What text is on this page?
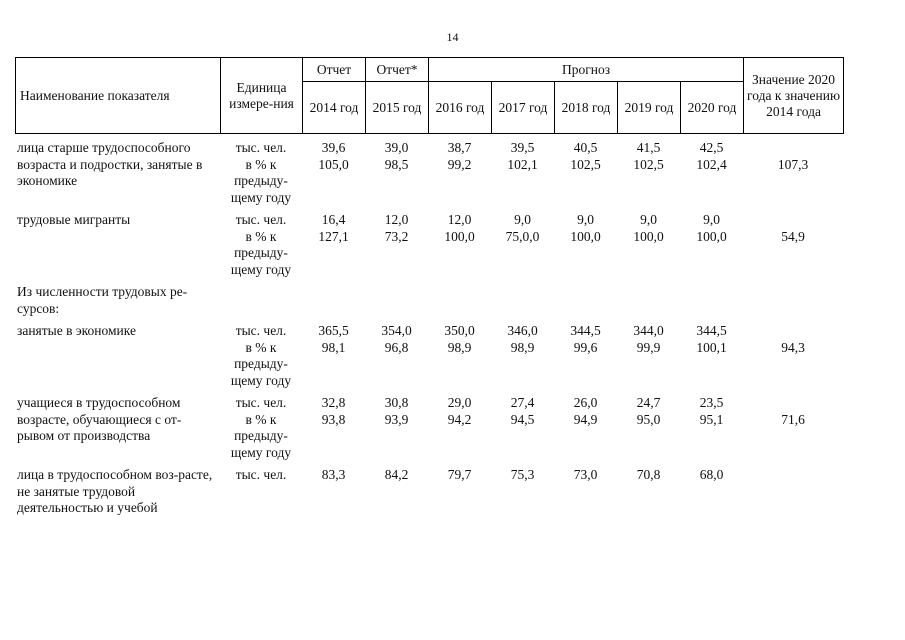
14
Наименование показателя	Единица измере-ния	Отчет	Отчет*	Прогноз					Значение 2020 года к значению 2014 года
		2014 год	2015 год	2016 год	2017 год	2018 год	2019 год	2020 год	
лица старше трудоспособного возраста и подростки, занятые в экономике	тыс. чел.	39,6	39,0	38,7	39,5	40,5	41,5	42,5	
	в % к предыду-щему году	105,0	98,5	99,2	102,1	102,5	102,5	102,4	107,3

трудовые мигранты	тыс. чел.	16,4	12,0	12,0	9,0	9,0	9,0	9,0	
	в % к предыду-щему году	127,1	73,2	100,0	75,0,0	100,0	100,0	100,0	54,9

Из численности трудовых ре-сурсов:									

занятые в экономике	тыс. чел.	365,5	354,0	350,0	346,0	344,5	344,0	344,5	
	в % к предыду-щему году	98,1	96,8	98,9	98,9	99,6	99,9	100,1	94,3

учащиеся в трудоспособном возрасте, обучающиеся с от-рывом от производства	тыс. чел.	32,8	30,8	29,0	27,4	26,0	24,7	23,5	
	в % к предыду-щему году	93,8	93,9	94,2	94,5	94,9	95,0	95,1	71,6

лица в трудоспособном воз-расте, не занятые трудовой деятельностью и учебой	тыс. чел.	83,3	84,2	79,7	75,3	73,0	70,8	68,0	
